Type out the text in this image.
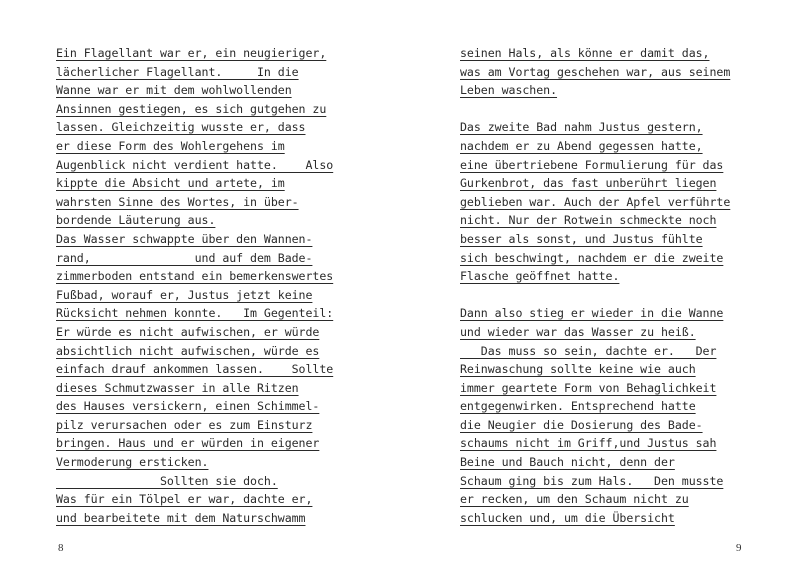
Ein Flagellant war er, ein neugieriger,
lächerlicher Flagellant.     In die
Wanne war er mit dem wohlwollenden
Ansinnen gestiegen, es sich gutgehen zu
lassen. Gleichzeitig wusste er, dass
er diese Form des Wohlergehens im
Augenblick nicht verdient hatte.    Also
kippte die Absicht und artete, im
wahrsten Sinne des Wortes, in über-
bordende Läuterung aus.
Das Wasser schwappte über den Wannen-
rand,               und auf dem Bade-
zimmerboden entstand ein bemerkenswertes
Fußbad, worauf er, Justus jetzt keine
Rücksicht nehmen konnte.   Im Gegenteil:
Er würde es nicht aufwischen, er würde
absichtlich nicht aufwischen, würde es
einfach drauf ankommen lassen.    Sollte
dieses Schmutzwasser in alle Ritzen
des Hauses versickern, einen Schimmel-
pilz verursachen oder es zum Einsturz
bringen. Haus und er würden in eigener
Vermoderung ersticken.
Sollten sie doch.
Was für ein Tölpel er war, dachte er,
und bearbeitete mit dem Naturschwamm
8
seinen Hals, als könne er damit das,
was am Vortag geschehen war, aus seinem
Leben waschen.
Das zweite Bad nahm Justus gestern,
nachdem er zu Abend gegessen hatte,
eine übertriebene Formulierung für das
Gurkenbrot, das fast unberührt liegen
geblieben war. Auch der Apfel verführte
nicht. Nur der Rotwein schmeckte noch
besser als sonst, und Justus fühlte
sich beschwingt, nachdem er die zweite
Flasche geöffnet hatte.
Dann also stieg er wieder in die Wanne
und wieder war das Wasser zu heiß.
Das muss so sein, dachte er.   Der
Reinwaschung sollte keine wie auch
immer geartete Form von Behaglichkeit
entgegenwirken. Entsprechend hatte
die Neugier die Dosierung des Bade-
schaums nicht im Griff,und Justus sah
Beine und Bauch nicht, denn der
Schaum ging bis zum Hals.   Den musste
er recken, um den Schaum nicht zu
schlucken und, um die Übersicht
9
